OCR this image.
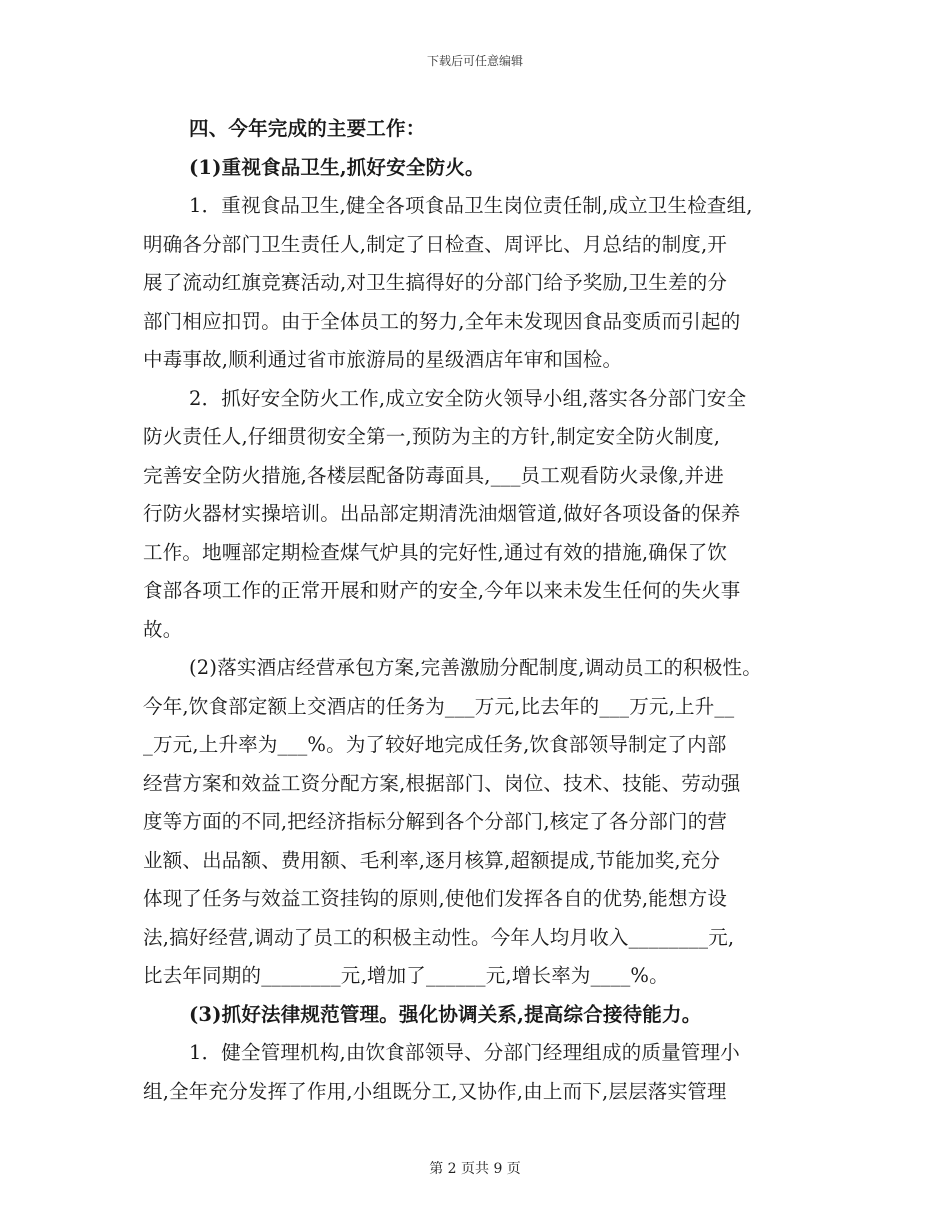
下载后可任意编辑
四、今年完成的主要工作：
(1)重视食品卫生,抓好安全防火。
1．重视食品卫生,健全各项食品卫生岗位责任制,成立卫生检查组,
明确各分部门卫生责任人,制定了日检查、周评比、月总结的制度,开
展了流动红旗竞赛活动,对卫生搞得好的分部门给予奖励,卫生差的分
部门相应扣罚。由于全体员工的努力,全年未发现因食品变质而引起的
中毒事故,顺利通过省市旅游局的星级酒店年审和国检。
2．抓好安全防火工作,成立安全防火领导小组,落实各分部门安全
防火责任人,仔细贯彻安全第一,预防为主的方针,制定安全防火制度,
完善安全防火措施,各楼层配备防毒面具,___员工观看防火录像,并进
行防火器材实操培训。出品部定期清洗油烟管道,做好各项设备的保养
工作。地喱部定期检查煤气炉具的完好性,通过有效的措施,确保了饮
食部各项工作的正常开展和财产的安全,今年以来未发生任何的失火事
故。
(2)落实酒店经营承包方案,完善激励分配制度,调动员工的积极性。
今年,饮食部定额上交酒店的任务为___万元,比去年的___万元,上升__
_万元,上升率为___%。为了较好地完成任务,饮食部领导制定了内部
经营方案和效益工资分配方案,根据部门、岗位、技术、技能、劳动强
度等方面的不同,把经济指标分解到各个分部门,核定了各分部门的营
业额、出品额、费用额、毛利率,逐月核算,超额提成,节能加奖,充分
体现了任务与效益工资挂钩的原则,使他们发挥各自的优势,能想方设
法,搞好经营,调动了员工的积极主动性。今年人均月收入________元,
比去年同期的________元,增加了______元,增长率为____%。
(3)抓好法律规范管理。强化协调关系,提高综合接待能力。
1．健全管理机构,由饮食部领导、分部门经理组成的质量管理小
组,全年充分发挥了作用,小组既分工,又协作,由上而下,层层落实管理
第 2 页共 9 页
